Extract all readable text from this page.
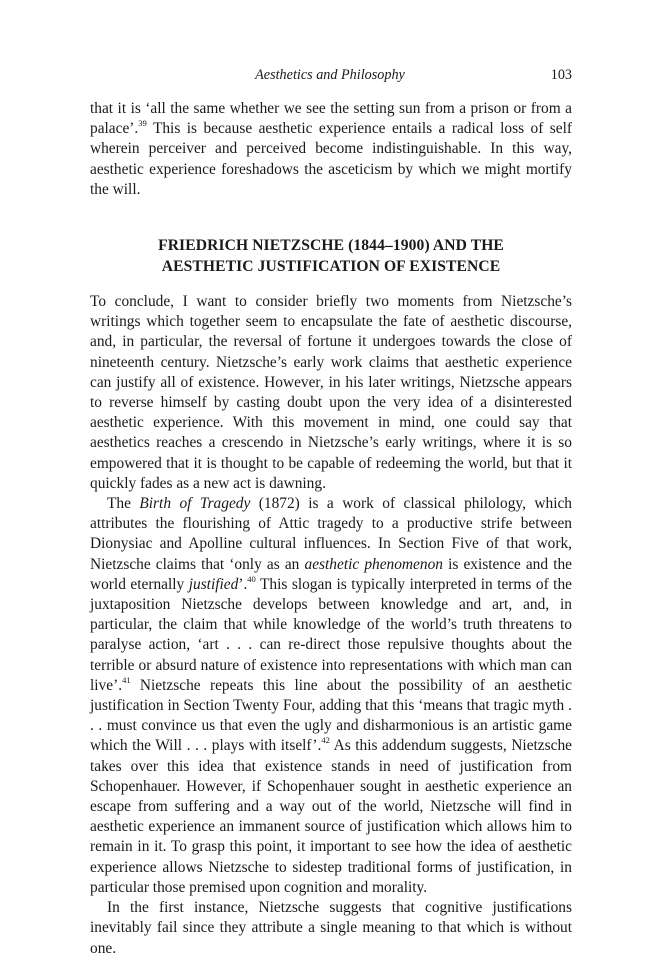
Aesthetics and Philosophy	103

that it is ‘all the same whether we see the setting sun from a prison or from a palace’.$^{39}$ This is because aesthetic experience entails a radical loss of self wherein perceiver and perceived become indistinguishable. In this way, aesthetic experience foreshadows the asceticism by which we might mortify the will.

FRIEDRICH NIETZSCHE (1844–1900) AND THE
AESTHETIC JUSTIFICATION OF EXISTENCE

To conclude, I want to consider briefly two moments from Nietzsche’s writings which together seem to encapsulate the fate of aesthetic discourse, and, in particular, the reversal of fortune it undergoes towards the close of nineteenth century. Nietzsche’s early work claims that aesthetic experience can justify all of existence. However, in his later writings, Nietzsche appears to reverse himself by casting doubt upon the very idea of a disinterested aesthetic experience. With this movement in mind, one could say that aesthetics reaches a crescendo in Nietzsche’s early writings, where it is so empowered that it is thought to be capable of redeeming the world, but that it quickly fades as a new act is dawning.

The Birth of Tragedy (1872) is a work of classical philology, which attributes the flourishing of Attic tragedy to a productive strife between Dionysiac and Apolline cultural influences. In Section Five of that work, Nietzsche claims that ‘only as an aesthetic phenomenon is existence and the world eternally justified’.$^{40}$ This slogan is typically interpreted in terms of the juxtaposition Nietzsche develops between knowledge and art, and, in particular, the claim that while knowledge of the world’s truth threatens to paralyse action, ‘art . . . can re-direct those repulsive thoughts about the terrible or absurd nature of existence into representations with which man can live’.$^{41}$ Nietzsche repeats this line about the possibility of an aesthetic justification in Section Twenty Four, adding that this ‘means that tragic myth . . . must convince us that even the ugly and disharmonious is an artistic game which the Will . . . plays with itself’.$^{42}$ As this addendum suggests, Nietzsche takes over this idea that existence stands in need of justification from Schopenhauer. However, if Schopenhauer sought in aesthetic experience an escape from suffering and a way out of the world, Nietzsche will find in aesthetic experience an immanent source of justification which allows him to remain in it. To grasp this point, it important to see how the idea of aesthetic experience allows Nietzsche to sidestep traditional forms of justification, in particular those premised upon cognition and morality.

In the first instance, Nietzsche suggests that cognitive justifications inevitably fail since they attribute a single meaning to that which is without one.
